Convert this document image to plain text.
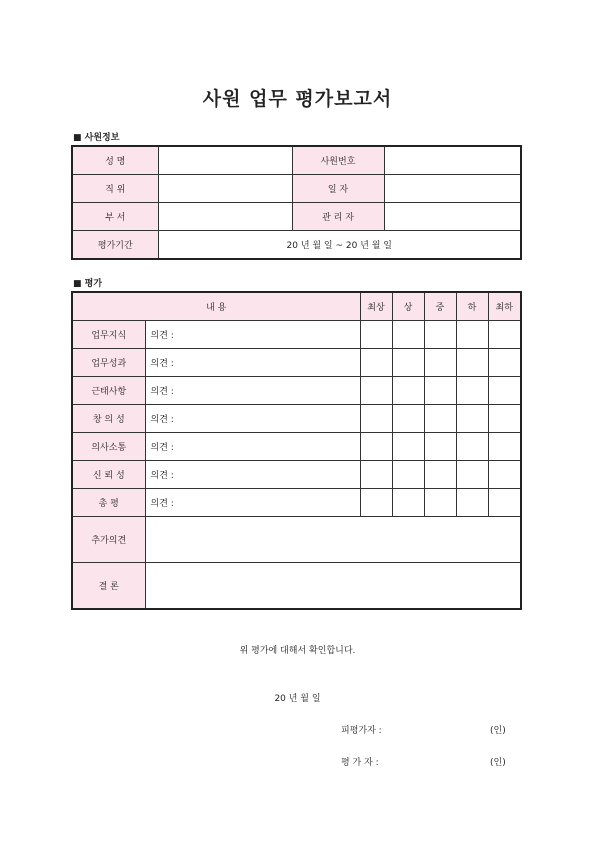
사원 업무 평가보고서
■ 사원정보
성 명		사원번호	
직 위		일 자	
부 서		관 리 자	
평가기간	20 년 월 일 ~ 20 년 월 일		
■ 평가
내 용		최상	상	중	하	최하
업무지식	의견 :					
업무성과	의견 :					
근태사항	의견 :					
창 의 성	의견 :					
의사소통	의견 :					
신 뢰 성	의견 :					
총 평	의견 :					
추가의견						
결 론						
위 평가에 대해서 확인합니다.
20 년 월 일
피평가자 :	(인)
평 가 자 :	(인)
